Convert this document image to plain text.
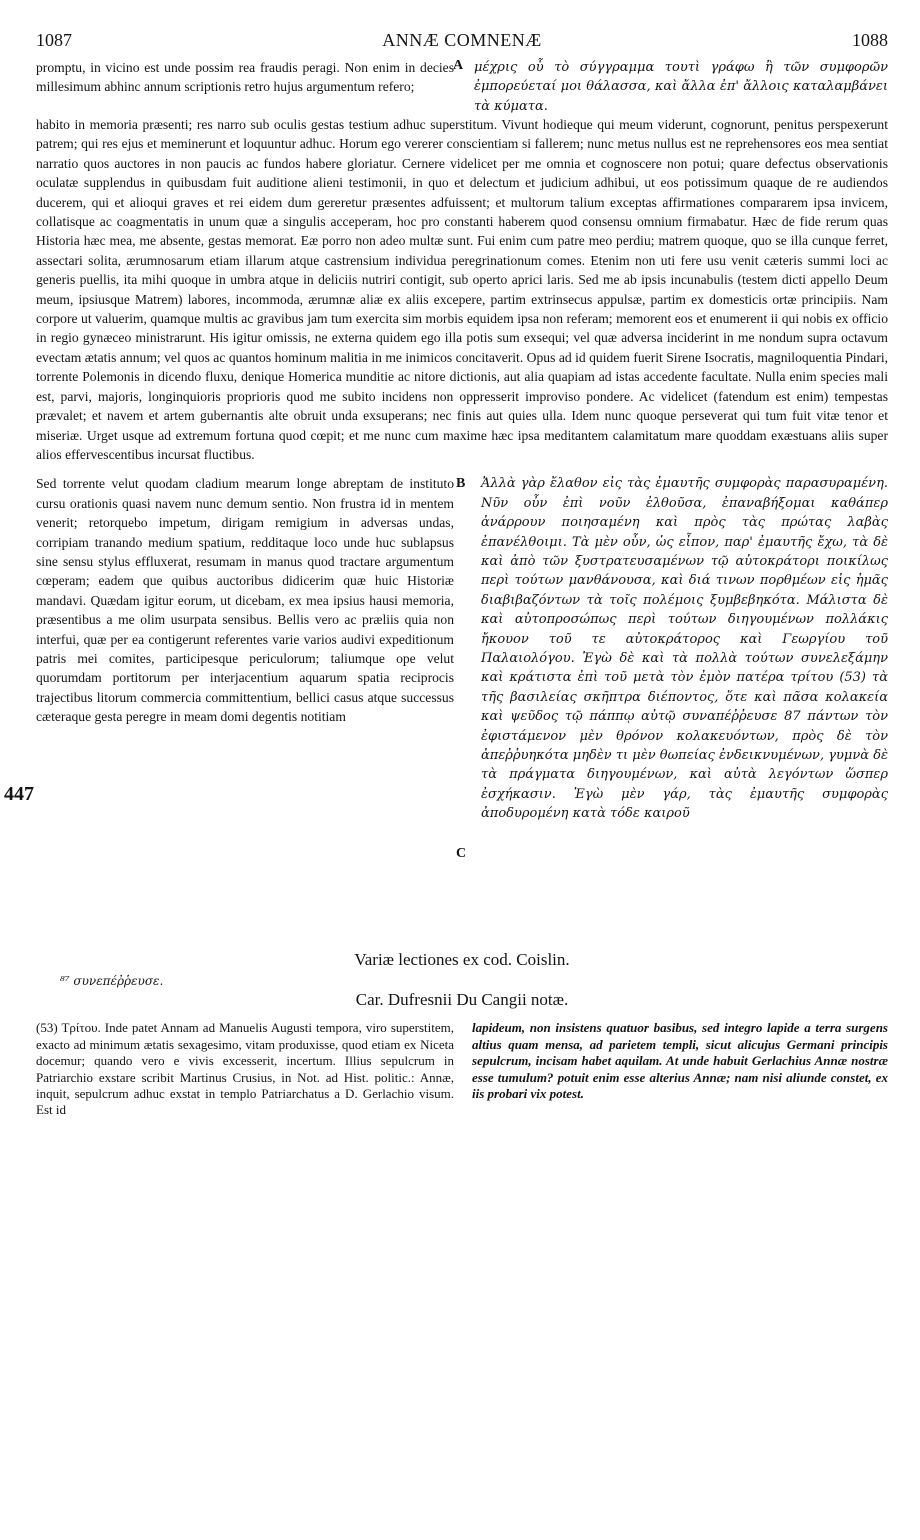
1087	ANNÆ COMNENÆ	1088

promptu, in vicino est unde possim rea fraudis peragi. Non enim in decies millesimum abhinc annum scriptionis retro hujus argumentum refero;

A μέχρις οὗ τὸ σύγγραμμα τουτὶ γράφω ἢ τῶν συμφορῶν ἐμπορεύεταί μοι θάλασσα, καὶ ἄλλα ἐπ' ἄλλοις καταλαμβάνει τὰ κύματα.

habito in memoria præsenti; res narro sub oculis gestas testium adhuc superstitum. Vivunt hodieque qui meum viderunt, cognorunt, penitus perspexerunt patrem; qui res ejus et meminerunt et loquuntur adhuc. Horum ego vererer conscientiam si fallerem; nunc metus nullus est ne reprehensores eos mea sentiat narratio quos auctores in non paucis ac fundos habere gloriatur. Cernere videlicet per me omnia et cognoscere non potui; quare defectus observationis oculatæ supplendus in quibusdam fuit auditione alieni testimonii, in quo et delectum et judicium adhibui, ut eos potissimum quaque de re audiendos ducerem, qui et alioqui graves et rei eidem dum gereretur præsentes adfuissent; et multorum talium exceptas affirmationes compararem ipsa invicem, collatisque ac coagmentatis in unum quæ a singulis acceperam, hoc pro constanti haberem quod consensu omnium firmabatur. Hæc de fide rerum quas Historia hæc mea, me absente, gestas memorat. Eæ porro non adeo multæ sunt. Fui enim cum patre meo perdiu; matrem quoque, quo se illa cunque ferret, assectari solita, ærumnosarum etiam illarum atque castrensium individua peregrinationum comes. Etenim non uti fere usu venit cæteris summi loci ac generis puellis, ita mihi quoque in umbra atque in deliciis nutriri contigit, sub operto aprici laris. Sed me ab ipsis incunabulis (testem dicti appello Deum meum, ipsiusque Matrem) labores, incommoda, ærumnæ aliæ ex aliis excepere, partim extrinsecus appulsæ, partim ex domesticis ortæ principiis. Nam corpore ut valuerim, quamque multis ac gravibus jam tum exercita sim morbis equidem ipsa non referam; memorent eos et enumerent ii qui nobis ex officio in regio gynæceo ministrarunt. His igitur omissis, ne externa quidem ego illa potis sum exsequi; vel quæ adversa inciderint in me nondum supra octavum evectam ætatis annum; vel quos ac quantos hominum malitia in me inimicos concitaverit. Opus ad id quidem fuerit Sirene Isocratis, magniloquentia Pindari, torrente Polemonis in dicendo fluxu, denique Homerica munditie ac nitore dictionis, aut alia quapiam ad istas accedente facultate. Nulla enim species mali est, parvi, majoris, longinquioris proprioris quod me subito incidens non oppresserit improviso pondere. Ac videlicet (fatendum est enim) tempestas prævalet; et navem et artem gubernantis alte obruit unda exsuperans; nec finis aut quies ulla. Idem nunc quoque perseverat qui tum fuit vitæ tenor et miseriæ. Urget usque ad extremum fortuna quod cœpit; et me nunc cum maxime hæc ipsa meditantem calamitatum mare quoddam exæstuans aliis super alios effervescentibus incursat fluctibus.

447

Sed torrente velut quodam cladium mearum longe abreptam de instituto cursu orationis quasi navem nunc demum sentio. Non frustra id in mentem venerit; retorquebo impetum, dirigam remigium in adversas undas, corripiam tranando medium spatium, redditaque loco unde huc sublapsus sine sensu stylus effluxerat, resumam in manus quod tractare argumentum cœperam; eadem que quibus auctoribus didicerim quæ huic Historiæ mandavi. Quædam igitur eorum, ut dicebam, ex mea ipsius hausi memoria, præsentibus a me olim usurpata sensibus. Bellis vero ac præliis quia non interfui, quæ per ea contigerunt referentes varie varios audivi expeditionum patris mei comites, participesque periculorum; taliumque ope velut quorumdam portitorum per interjacentium aquarum spatia reciprocis trajectibus litorum commercia committentium, bellici casus atque successus cæteraque gesta peregre in meam domi degentis notitiam

B
C

Ἀλλὰ γὰρ ἔλαθον εἰς τὰς ἐμαυτῆς συμφορὰς παρασυραμένη. Νῦν οὖν ἐπὶ νοῦν ἐλθοῦσα, ἐπαναβήξομαι καθάπερ ἀνάρρουν ποιησαμένη καὶ πρὸς τὰς πρώτας λαβὰς ἐπανέλθοιμι. Τὰ μὲν οὖν, ὡς εἶπον, παρ' ἐμαυτῆς ἔχω, τὰ δὲ καὶ ἀπὸ τῶν ξυστρατευσαμένων τῷ αὐτοκράτορι ποικίλως περὶ τούτων μανθάνουσα, καὶ διά τινων πορθμέων εἰς ἡμᾶς διαβιβαζόντων τὰ τοῖς πολέμοις ξυμβεβηκότα. Μάλιστα δὲ καὶ αὐτοπροσώπως περὶ τούτων διηγουμένων πολλάκις ἤκουον τοῦ τε αὐτοκράτορος καὶ Γεωργίου τοῦ Παλαιολόγου. Ἐγὼ δὲ καὶ τὰ πολλὰ τούτων συνελεξάμην καὶ κράτιστα ἐπὶ τοῦ μετὰ τὸν ἐμὸν πατέρα τρίτου (53) τὰ τῆς βασιλείας σκῆπτρα διέποντος, ὅτε καὶ πᾶσα κολακεία καὶ ψεῦδος τῷ πάππῳ αὐτῷ συναπέῤῥευσε 87 πάντων τὸν ἐφιστάμενον μὲν θρόνον κολακευόντων, πρὸς δὲ τὸν ἀπεῤῥυηκότα μηδὲν τι μὲν θωπείας ἐνδεικνυμένων, γυμνὰ δὲ τὰ πράγματα διηγουμένων, καὶ αὐτὰ λεγόντων ὥσπερ ἐσχήκασιν. Ἐγὼ μὲν γάρ, τὰς ἐμαυτῆς συμφορὰς ἀποδυρομένη κατὰ τόδε καιροῦ

Variæ lectiones ex cod. Coislin.

⁸⁷ συνεπέῤῥευσε.

Car. Dufresnii Du Cangii notæ.

(53) Τρίτου. Inde patet Annam ad Manuelis Augusti tempora, viro superstitem, exacto ad minimum ætatis sexagesimo, vitam produxisse, quod etiam ex Niceta docemur; quando vero e vivis excesserit, incertum. Illius sepulcrum in Patriarchio exstare scribit Martinus Crusius, in Not. ad Hist. politic.: Annæ, inquit, sepulcrum adhuc exstat in templo Patriarchatus a D. Gerlachio visum. Est id

lapideum, non insistens quatuor basibus, sed integro lapide a terra surgens altius quam mensa, ad parietem templi, sicut alicujus Germani principis sepulcrum, incisam habet aquilam. At unde habuit Gerlachius Annæ nostræ esse tumulum? potuit enim esse alterius Annæ; nam nisi aliunde constet, ex iis probari vix potest.
